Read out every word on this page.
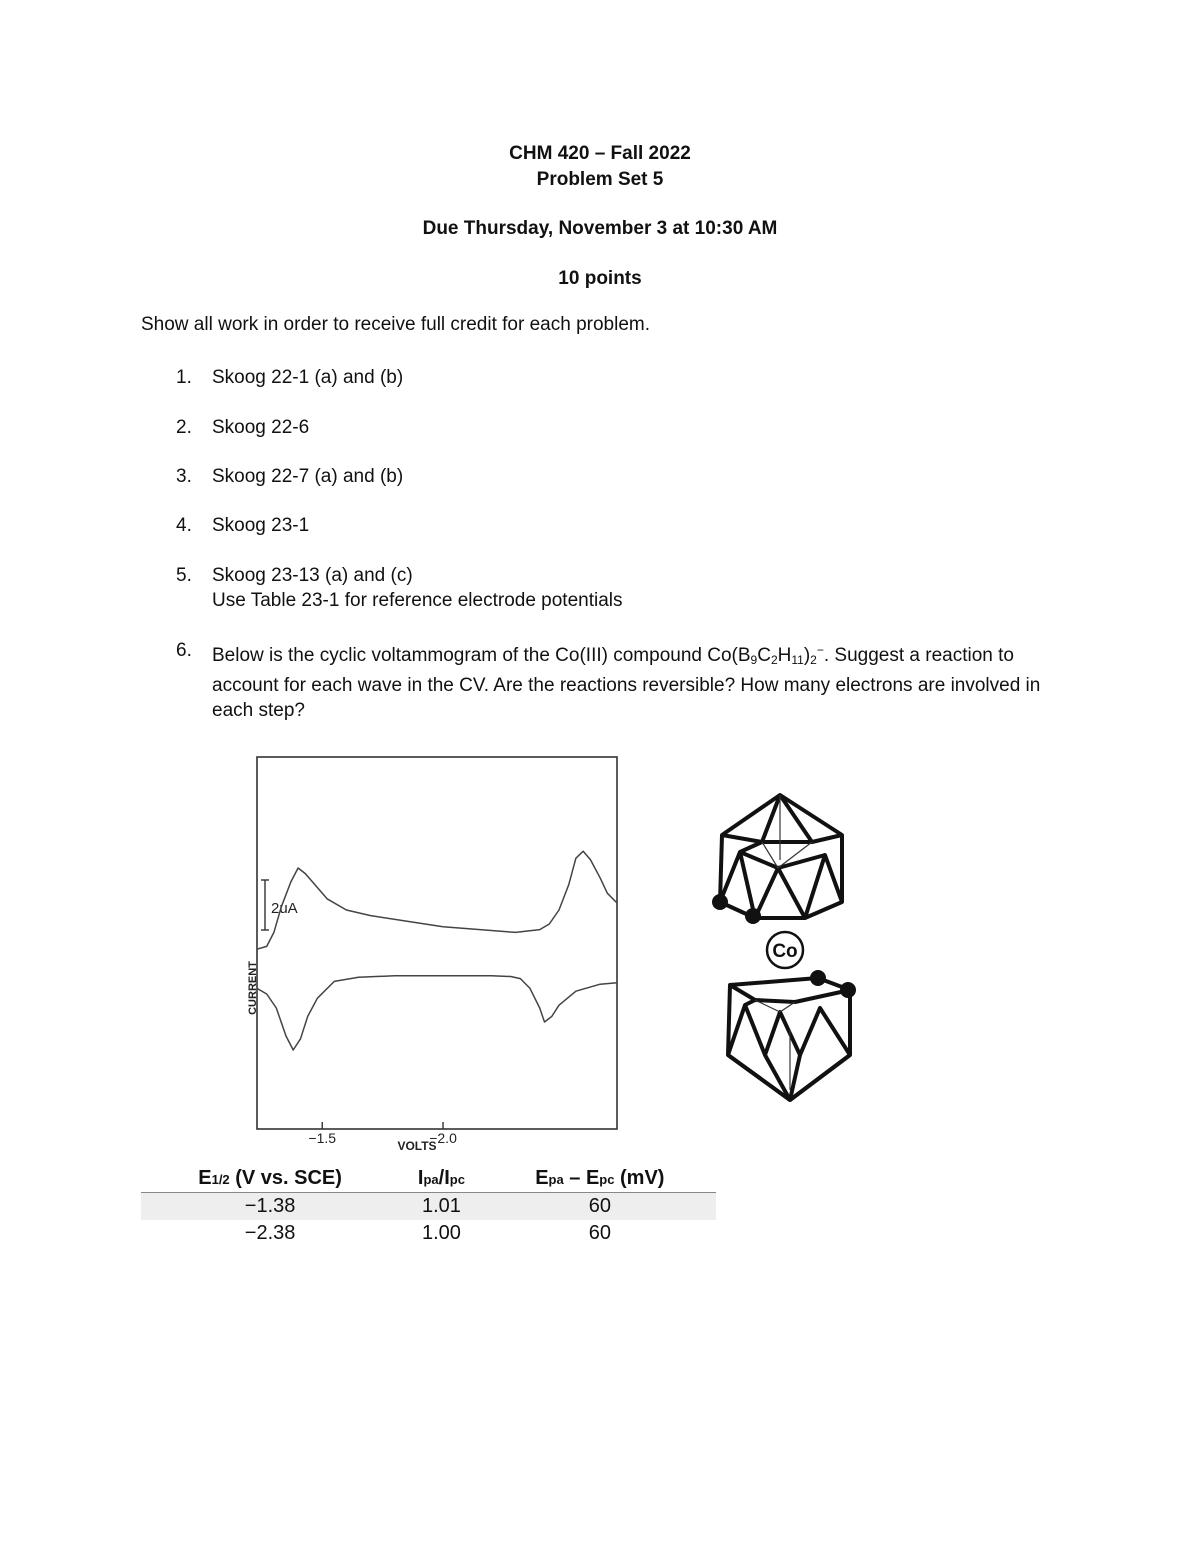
CHM 420 – Fall 2022
Problem Set 5
Due Thursday, November 3 at 10:30 AM
10 points
Show all work in order to receive full credit for each problem.
1. Skoog 22-1 (a) and (b)
2. Skoog 22-6
3. Skoog 22-7 (a) and (b)
4. Skoog 23-1
5. Skoog 23-13 (a) and (c)
Use Table 23-1 for reference electrode potentials
6. Below is the cyclic voltammogram of the Co(III) compound $Co(B_9C_2H_{11})_2^-$. Suggest a reaction to account for each wave in the CV. Are the reactions reversible? How many electrons are involved in each step?
2uA
CURRENT
−1.5	−2.0
VOLTS
Co
E1/2 (V vs. SCE)	Ipa/Ipc	Epa – Epc (mV)
−1.38	1.01	60
−2.38	1.00	60
